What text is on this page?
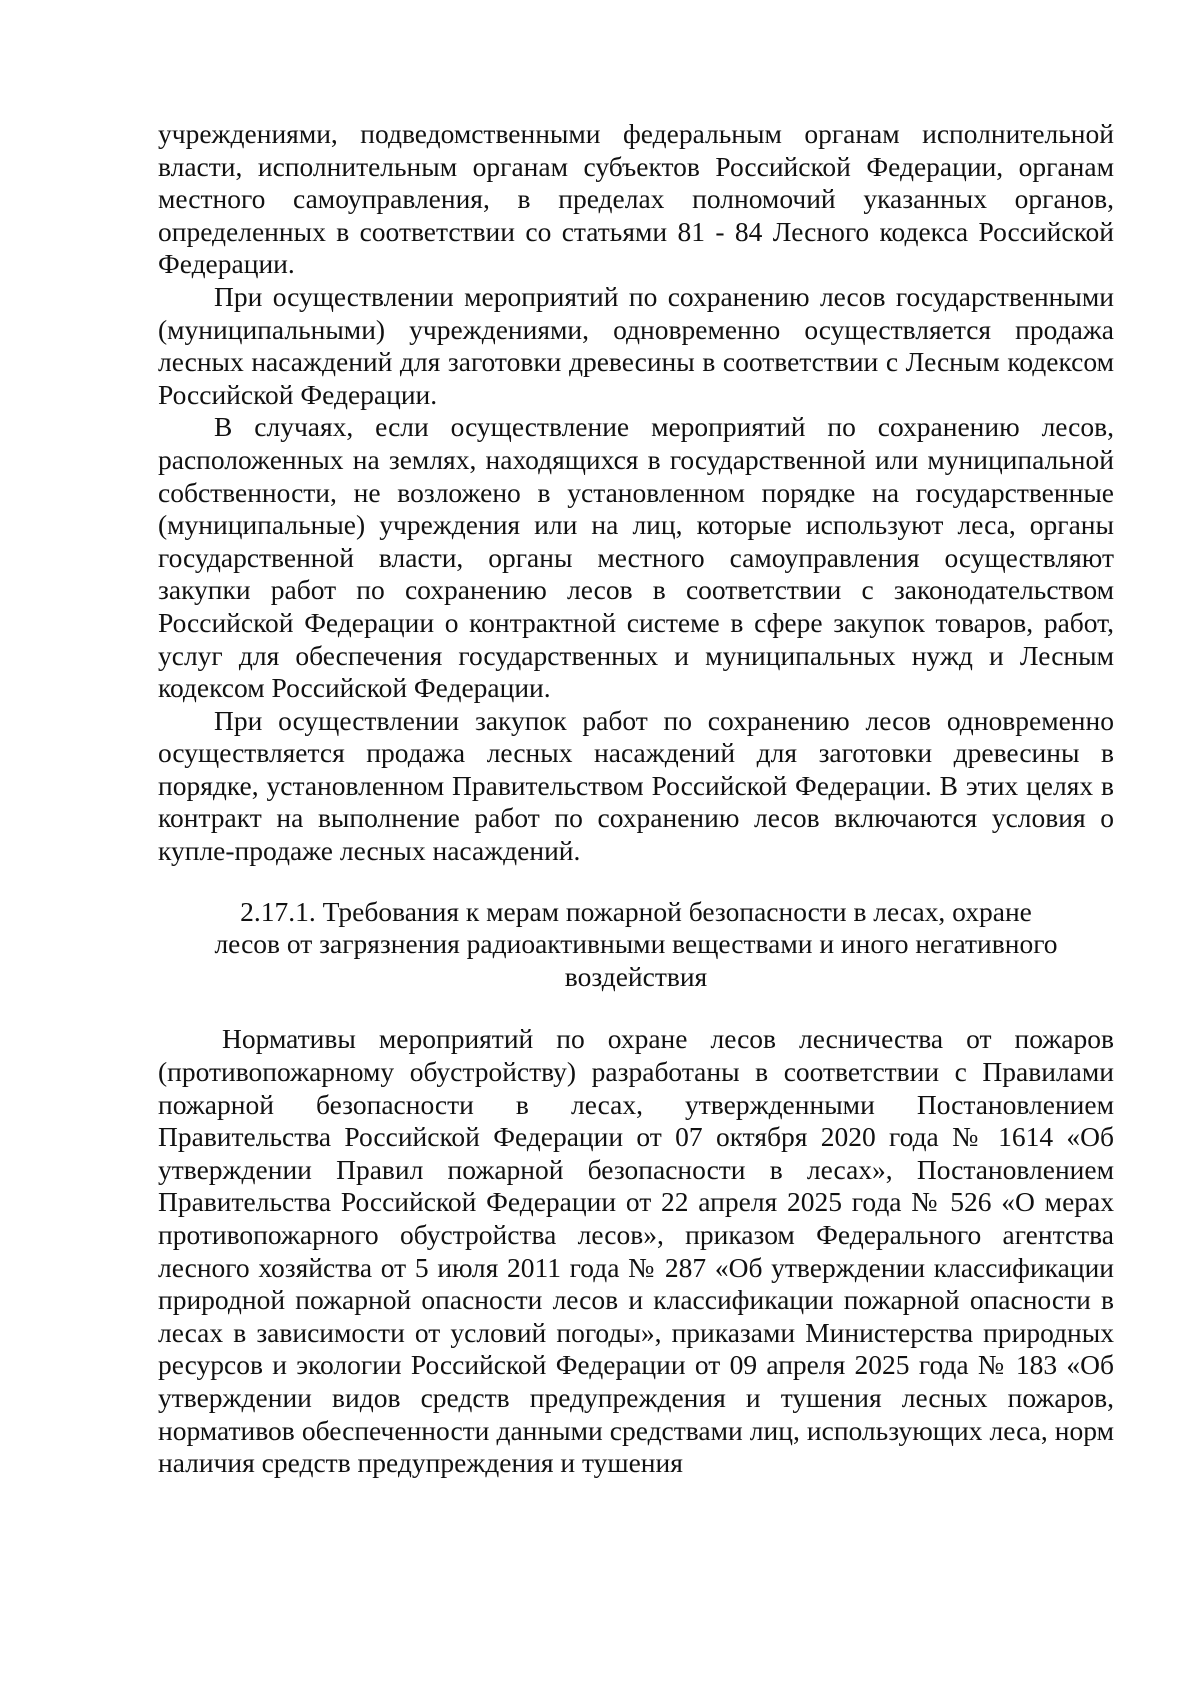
учреждениями, подведомственными федеральным органам исполнительной власти, исполнительным органам субъектов Российской Федерации, органам местного самоуправления, в пределах полномочий указанных органов, определенных в соответствии со статьями 81 - 84 Лесного кодекса Российской Федерации.

При осуществлении мероприятий по сохранению лесов государственными (муниципальными) учреждениями, одновременно осуществляется продажа лесных насаждений для заготовки древесины в соответствии с Лесным кодексом Российской Федерации.

В случаях, если осуществление мероприятий по сохранению лесов, расположенных на землях, находящихся в государственной или муниципальной собственности, не возложено в установленном порядке на государственные (муниципальные) учреждения или на лиц, которые используют леса, органы государственной власти, органы местного самоуправления осуществляют закупки работ по сохранению лесов в соответствии с законодательством Российской Федерации о контрактной системе в сфере закупок товаров, работ, услуг для обеспечения государственных и муниципальных нужд и Лесным кодексом Российской Федерации.

При осуществлении закупок работ по сохранению лесов одновременно осуществляется продажа лесных насаждений для заготовки древесины в порядке, установленном Правительством Российской Федерации. В этих целях в контракт на выполнение работ по сохранению лесов включаются условия о купле-продаже лесных насаждений.

2.17.1. Требования к мерам пожарной безопасности в лесах, охране
лесов от загрязнения радиоактивными веществами и иного негативного
воздействия

Нормативы мероприятий по охране лесов лесничества от пожаров (противопожарному обустройству) разработаны в соответствии с Правилами пожарной безопасности в лесах, утвержденными Постановлением Правительства Российской Федерации от 07 октября 2020 года № 1614 «Об утверждении Правил пожарной безопасности в лесах», Постановлением Правительства Российской Федерации от 22 апреля 2025 года № 526 «О мерах противопожарного обустройства лесов», приказом Федерального агентства лесного хозяйства от 5 июля 2011 года № 287 «Об утверждении классификации природной пожарной опасности лесов и классификации пожарной опасности в лесах в зависимости от условий погоды», приказами Министерства природных ресурсов и экологии Российской Федерации от 09 апреля 2025 года № 183 «Об утверждении видов средств предупреждения и тушения лесных пожаров, нормативов обеспеченности данными средствами лиц, использующих леса, норм наличия средств предупреждения и тушения
